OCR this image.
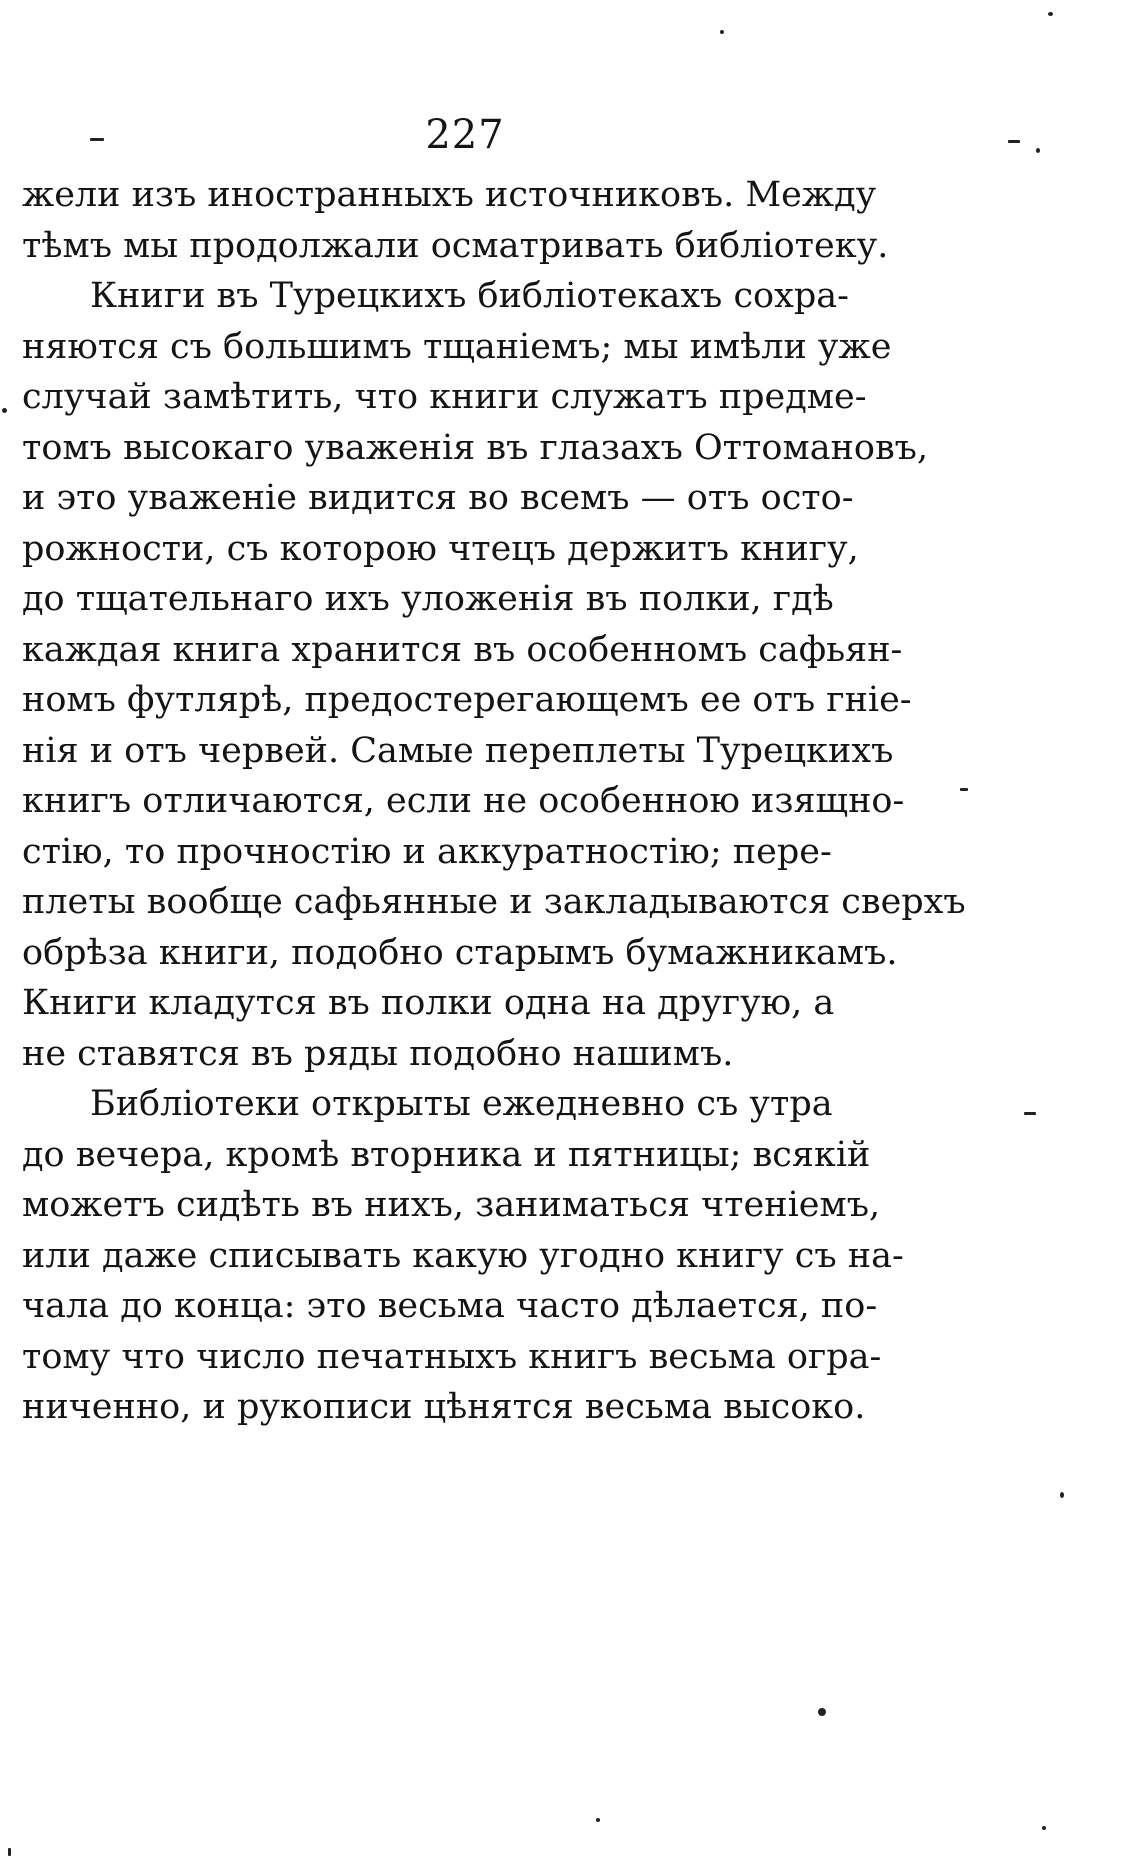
227
жели изъ иностранныхъ источниковъ. Между
тѣмъ мы продолжали осматривать библіотеку.
Книги въ Турецкихъ библіотекахъ сохра-
няются съ большимъ тщаніемъ; мы имѣли уже
случай замѣтить, что книги служатъ предме-
томъ высокаго уваженія въ глазахъ Оттомановъ,
и это уваженіе видится во всемъ — отъ осто-
рожности, съ которою чтецъ держитъ книгу,
до тщательнаго ихъ уложенія въ полки, гдѣ
каждая книга хранится въ особенномъ сафьян-
номъ футлярѣ, предостерегающемъ ее отъ гніе-
нія и отъ червей. Самые переплеты Турецкихъ
книгъ отличаются, если не особенною изящно-
стію, то прочностію и аккуратностію; пере-
плеты вообще сафьянные и закладываются сверхъ
обрѣза книги, подобно старымъ бумажникамъ.
Книги кладутся въ полки одна на другую, а
не ставятся въ ряды подобно нашимъ.
Библіотеки открыты ежедневно съ утра
до вечера, кромѣ вторника и пятницы; всякій
можетъ сидѣть въ нихъ, заниматься чтеніемъ,
или даже списывать какую угодно книгу съ на-
чала до конца: это весьма часто дѣлается, по-
тому что число печатныхъ книгъ весьма огра-
ниченно, и рукописи цѣнятся весьма высоко.
